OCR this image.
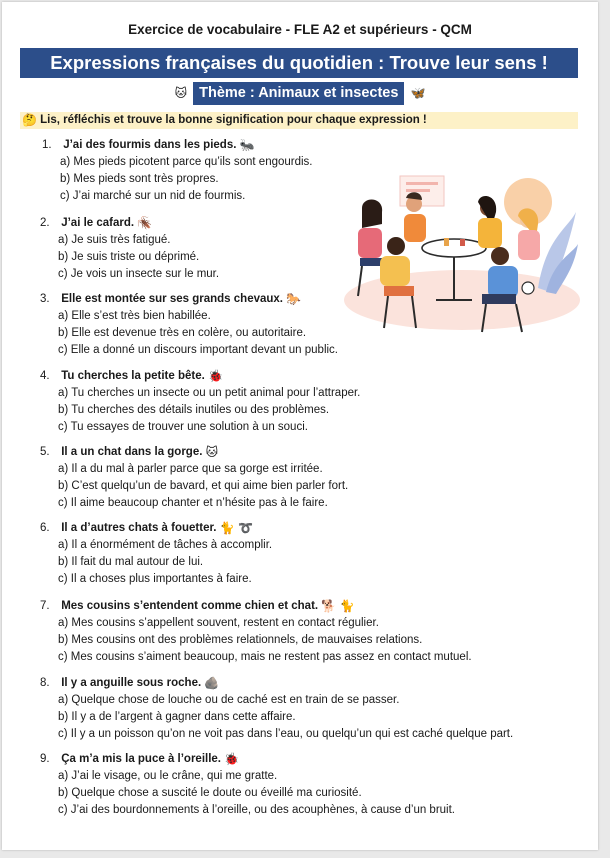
Exercice de vocabulaire - FLE A2 et supérieurs - QCM
Expressions françaises du quotidien : Trouve leur sens !
🐱 Thème : Animaux et insectes	🦋
🤔 Lis, réfléchis et trouve la bonne signification pour chaque expression !
1. J’ai des fourmis dans les pieds. 🐜
a) Mes pieds picotent parce qu’ils sont engourdis.
b) Mes pieds sont très propres.
c) J’ai marché sur un nid de fourmis.
2. J’ai le cafard. 🪳
a) Je suis très fatigué.
b) Je suis triste ou déprimé.
c) Je vois un insecte sur le mur.
3. Elle est montée sur ses grands chevaux. 🐎
a) Elle s’est très bien habillée.
b) Elle est devenue très en colère, ou autoritaire.
c) Elle a donné un discours important devant un public.
4. Tu cherches la petite bête. 🐞
a) Tu cherches un insecte ou un petit animal pour l’attraper.
b) Tu cherches des détails inutiles ou des problèmes.
c) Tu essayes de trouver une solution à un souci.
5. Il a un chat dans la gorge. 🐱
a) Il a du mal à parler parce que sa gorge est irritée.
b) C’est quelqu’un de bavard, et qui aime bien parler fort.
c) Il aime beaucoup chanter et n’hésite pas à le faire.
6. Il a d’autres chats à fouetter. 🐈 ➰
a) Il a énormément de tâches à accomplir.
b) Il fait du mal autour de lui.
c) Il a choses plus importantes à faire.
7. Mes cousins s’entendent comme chien et chat. 🐕 🐈
a) Mes cousins s’appellent souvent, restent en contact régulier.
b) Mes cousins ont des problèmes relationnels, de mauvaises relations.
c) Mes cousins s’aiment beaucoup, mais ne restent pas assez en contact mutuel.
8. Il y a anguille sous roche. 🪨
a) Quelque chose de louche ou de caché est en train de se passer.
b) Il y a de l’argent à gagner dans cette affaire.
c) Il y a un poisson qu’on ne voit pas dans l’eau, ou quelqu’un qui est caché quelque part.
9. Ça m’a mis la puce à l’oreille. 🐞
a) J’ai le visage, ou le crâne, qui me gratte.
b) Quelque chose a suscité le doute ou éveillé ma curiosité.
c) J’ai des bourdonnements à l’oreille, ou des acouphènes, à cause d’un bruit.
